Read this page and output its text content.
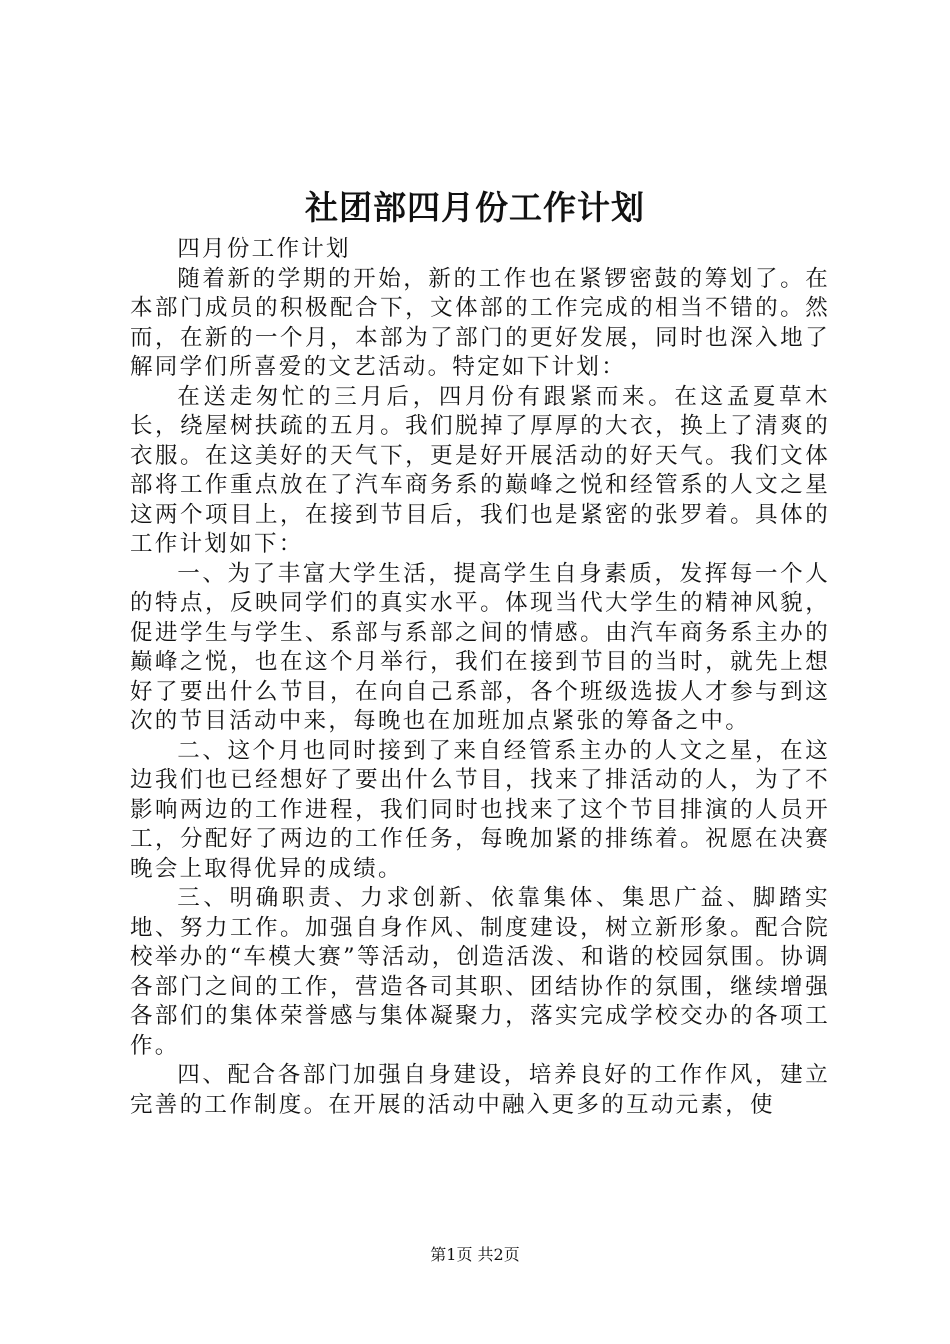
社团部四月份工作计划

四月份工作计划

随着新的学期的开始，新的工作也在紧锣密鼓的筹划了。在本部门成员的积极配合下，文体部的工作完成的相当不错的。然而，在新的一个月，本部为了部门的更好发展，同时也深入地了解同学们所喜爱的文艺活动。特定如下计划：

在送走匆忙的三月后，四月份有跟紧而来。在这孟夏草木长，绕屋树扶疏的五月。我们脱掉了厚厚的大衣，换上了清爽的衣服。在这美好的天气下，更是好开展活动的好天气。我们文体部将工作重点放在了汽车商务系的巅峰之悦和经管系的人文之星这两个项目上，在接到节目后，我们也是紧密的张罗着。具体的工作计划如下：

一、为了丰富大学生活，提高学生自身素质，发挥每一个人的特点，反映同学们的真实水平。体现当代大学生的精神风貌，促进学生与学生、系部与系部之间的情感。由汽车商务系主办的巅峰之悦，也在这个月举行，我们在接到节目的当时，就先上想好了要出什么节目，在向自己系部，各个班级选拔人才参与到这次的节目活动中来，每晚也在加班加点紧张的筹备之中。

二、这个月也同时接到了来自经管系主办的人文之星，在这边我们也已经想好了要出什么节目，找来了排活动的人，为了不影响两边的工作进程，我们同时也找来了这个节目排演的人员开工，分配好了两边的工作任务，每晚加紧的排练着。祝愿在决赛晚会上取得优异的成绩。

三、明确职责、力求创新、依靠集体、集思广益、脚踏实地、努力工作。加强自身作风、制度建设，树立新形象。配合院校举办的“车模大赛”等活动，创造活泼、和谐的校园氛围。协调各部门之间的工作，营造各司其职、团结协作的氛围，继续增强各部们的集体荣誉感与集体凝聚力，落实完成学校交办的各项工作。

四、配合各部门加强自身建设，培养良好的工作作风，建立完善的工作制度。在开展的活动中融入更多的互动元素，使

第1页 共2页
